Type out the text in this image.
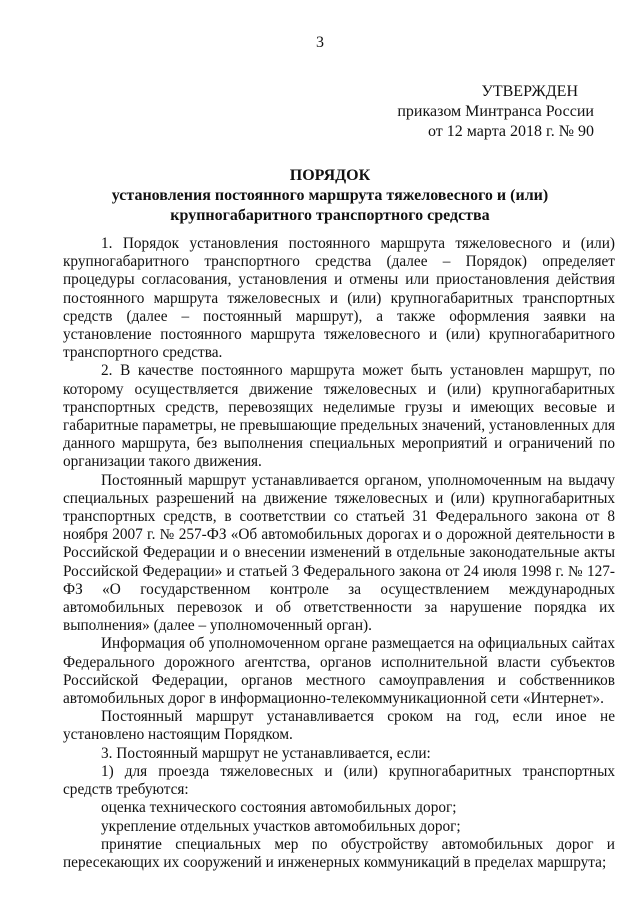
3
УТВЕРЖДЕН
приказом Минтранса России
от 12 марта 2018 г. № 90
ПОРЯДОК
установления постоянного маршрута тяжеловесного и (или)
крупногабаритного транспортного средства

1. Порядок установления постоянного маршрута тяжеловесного и (или) крупногабаритного транспортного средства (далее – Порядок) определяет процедуры согласования, установления и отмены или приостановления действия постоянного маршрута тяжеловесных и (или) крупногабаритных транспортных средств (далее – постоянный маршрут), а также оформления заявки на установление постоянного маршрута тяжеловесного и (или) крупногабаритного транспортного средства.

2. В качестве постоянного маршрута может быть установлен маршрут, по которому осуществляется движение тяжеловесных и (или) крупногабаритных транспортных средств, перевозящих неделимые грузы и имеющих весовые и габаритные параметры, не превышающие предельных значений, установленных для данного маршрута, без выполнения специальных мероприятий и ограничений по организации такого движения.

Постоянный маршрут устанавливается органом, уполномоченным на выдачу специальных разрешений на движение тяжеловесных и (или) крупногабаритных транспортных средств, в соответствии со статьей 31 Федерального закона от 8 ноября 2007 г. № 257-ФЗ «Об автомобильных дорогах и о дорожной деятельности в Российской Федерации и о внесении изменений в отдельные законодательные акты Российской Федерации» и статьей 3 Федерального закона от 24 июля 1998 г. № 127-ФЗ «О государственном контроле за осуществлением международных автомобильных перевозок и об ответственности за нарушение порядка их выполнения» (далее – уполномоченный орган).

Информация об уполномоченном органе размещается на официальных сайтах Федерального дорожного агентства, органов исполнительной власти субъектов Российской Федерации, органов местного самоуправления и собственников автомобильных дорог в информационно-телекоммуникационной сети «Интернет».

Постоянный маршрут устанавливается сроком на год, если иное не установлено настоящим Порядком.

3. Постоянный маршрут не устанавливается, если:

1) для проезда тяжеловесных и (или) крупногабаритных транспортных средств требуются:

оценка технического состояния автомобильных дорог;

укрепление отдельных участков автомобильных дорог;

принятие специальных мер по обустройству автомобильных дорог и пересекающих их сооружений и инженерных коммуникаций в пределах маршрута;
